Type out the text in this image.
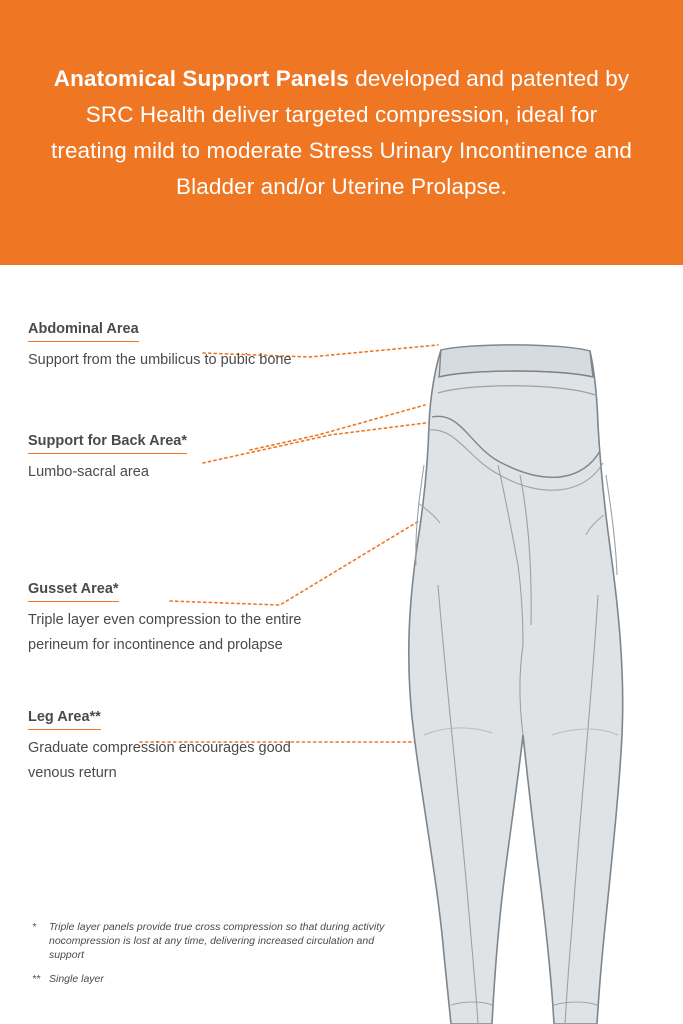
Anatomical Support Panels developed and patented by SRC Health deliver targeted compression, ideal for treating mild to moderate Stress Urinary Incontinence and Bladder and/or Uterine Prolapse.
Abdominal Area
Support from the umbilicus to pubic bone
Support for Back Area*
Lumbo-sacral area
Gusset Area*
Triple layer even compression to the entire perineum for incontinence and prolapse
Leg Area**
Graduate compression encourages good venous return
*	Triple layer panels provide true cross compression so that during activity nocompression is lost at any time, delivering increased circulation and support
** Single layer
